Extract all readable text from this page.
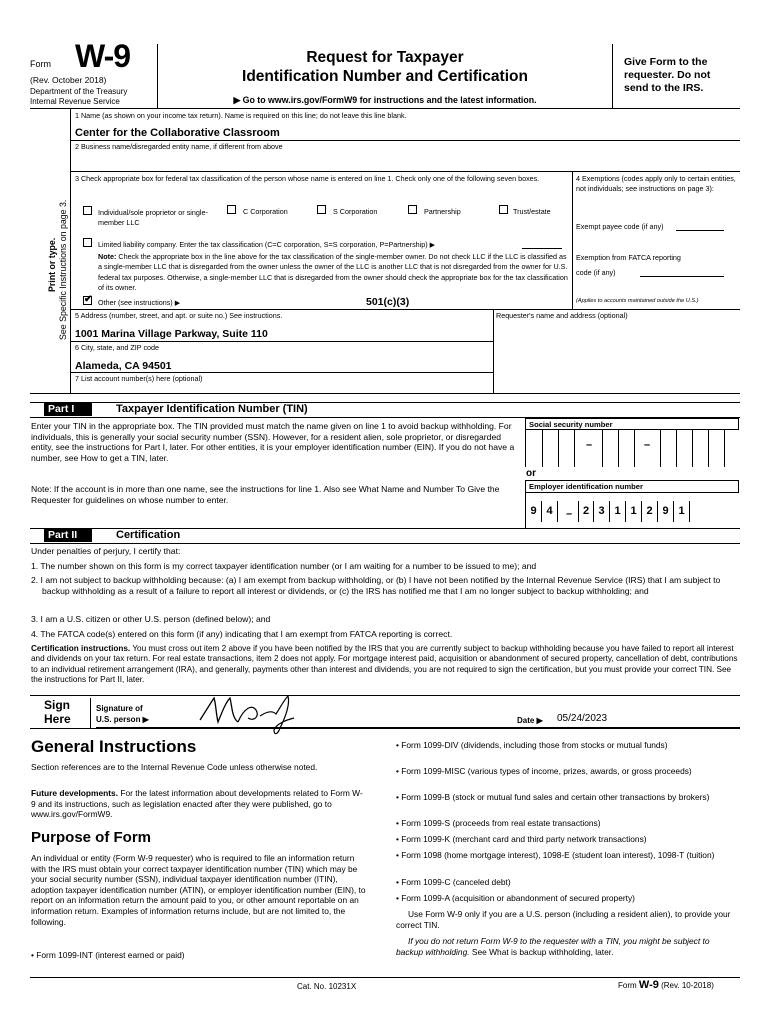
Form W-9
(Rev. October 2018)
Department of the Treasury
Internal Revenue Service
Request for Taxpayer
Identification Number and Certification
▶ Go to www.irs.gov/FormW9 for instructions and the latest information.
Give Form to the requester. Do not send to the IRS.
Print or type. See Specific Instructions on page 3.
1 Name (as shown on your income tax return). Name is required on this line; do not leave this line blank.
Center for the Collaborative Classroom
2 Business name/disregarded entity name, if different from above
3 Check appropriate box for federal tax classification of the person whose name is entered on line 1. Check only one of the following seven boxes.
Individual/sole proprietor or single-member LLC
C Corporation	S Corporation	Partnership	Trust/estate
Limited liability company. Enter the tax classification (C=C corporation, S=S corporation, P=Partnership) ▶
Note: Check the appropriate box in the line above for the tax classification of the single-member owner. Do not check LLC if the LLC is classified as a single-member LLC that is disregarded from the owner unless the owner of the LLC is another LLC that is not disregarded from the owner for U.S. federal tax purposes. Otherwise, a single-member LLC that is disregarded from the owner should check the appropriate box for the tax classification of its owner.
✔ Other (see instructions) ▶	501(c)(3)
4 Exemptions (codes apply only to certain entities, not individuals; see instructions on page 3):
Exempt payee code (if any)
Exemption from FATCA reporting
code (if any)
(Applies to accounts maintained outside the U.S.)
5 Address (number, street, and apt. or suite no.) See instructions.	Requester's name and address (optional)
1001 Marina Village Parkway, Suite 110
6 City, state, and ZIP code
Alameda, CA 94501
7 List account number(s) here (optional)
Part I	Taxpayer Identification Number (TIN)
Enter your TIN in the appropriate box. The TIN provided must match the name given on line 1 to avoid backup withholding. For individuals, this is generally your social security number (SSN). However, for a resident alien, sole proprietor, or disregarded entity, see the instructions for Part I, later. For other entities, it is your employer identification number (EIN). If you do not have a number, see How to get a TIN, later.
Note: If the account is in more than one name, see the instructions for line 1. Also see What Name and Number To Give the Requester for guidelines on whose number to enter.
Social security number
–	–
or
Employer identification number
9 4	– 2 3 1 1 2 9 1
Part II	Certification
Under penalties of perjury, I certify that:
1. The number shown on this form is my correct taxpayer identification number (or I am waiting for a number to be issued to me); and
2. I am not subject to backup withholding because: (a) I am exempt from backup withholding, or (b) I have not been notified by the Internal Revenue Service (IRS) that I am subject to backup withholding as a result of a failure to report all interest or dividends, or (c) the IRS has notified me that I am no longer subject to backup withholding; and
3. I am a U.S. citizen or other U.S. person (defined below); and
4. The FATCA code(s) entered on this form (if any) indicating that I am exempt from FATCA reporting is correct.
Certification instructions. You must cross out item 2 above if you have been notified by the IRS that you are currently subject to backup withholding because you have failed to report all interest and dividends on your tax return. For real estate transactions, item 2 does not apply. For mortgage interest paid, acquisition or abandonment of secured property, cancellation of debt, contributions to an individual retirement arrangement (IRA), and generally, payments other than interest and dividends, you are not required to sign the certification, but you must provide your correct TIN. See the instructions for Part II, later.
Sign
Here
Signature of
U.S. person ▶	Date ▶ 05/24/2023
General Instructions
Section references are to the Internal Revenue Code unless otherwise noted.
Future developments. For the latest information about developments related to Form W-9 and its instructions, such as legislation enacted after they were published, go to www.irs.gov/FormW9.
Purpose of Form
An individual or entity (Form W-9 requester) who is required to file an information return with the IRS must obtain your correct taxpayer identification number (TIN) which may be your social security number (SSN), individual taxpayer identification number (ITIN), adoption taxpayer identification number (ATIN), or employer identification number (EIN), to report on an information return the amount paid to you, or other amount reportable on an information return. Examples of information returns include, but are not limited to, the following.
• Form 1099-INT (interest earned or paid)
• Form 1099-DIV (dividends, including those from stocks or mutual funds)
• Form 1099-MISC (various types of income, prizes, awards, or gross proceeds)
• Form 1099-B (stock or mutual fund sales and certain other transactions by brokers)
• Form 1099-S (proceeds from real estate transactions)
• Form 1099-K (merchant card and third party network transactions)
• Form 1098 (home mortgage interest), 1098-E (student loan interest), 1098-T (tuition)
• Form 1099-C (canceled debt)
• Form 1099-A (acquisition or abandonment of secured property)
Use Form W-9 only if you are a U.S. person (including a resident alien), to provide your correct TIN.
If you do not return Form W-9 to the requester with a TIN, you might be subject to backup withholding. See What is backup withholding, later.
Cat. No. 10231X	Form W-9 (Rev. 10-2018)
